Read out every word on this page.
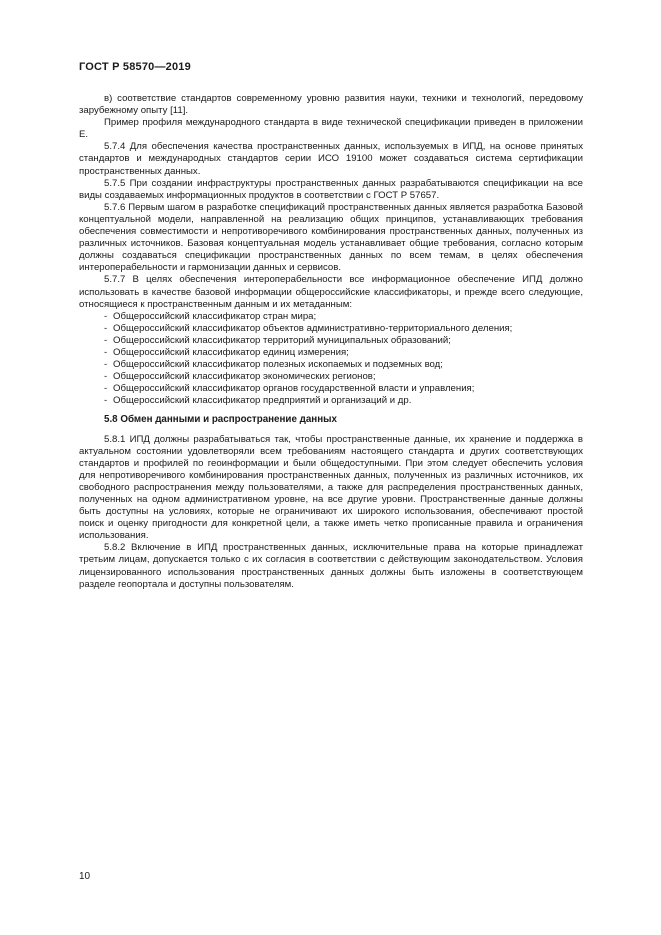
ГОСТ Р 58570—2019

в) соответствие стандартов современному уровню развития науки, техники и технологий, передовому зарубежному опыту [11].

Пример профиля международного стандарта в виде технической спецификации приведен в приложении Е.

5.7.4 Для обеспечения качества пространственных данных, используемых в ИПД, на основе принятых стандартов и международных стандартов серии ИСО 19100 может создаваться система сертификации пространственных данных.

5.7.5 При создании инфраструктуры пространственных данных разрабатываются спецификации на все виды создаваемых информационных продуктов в соответствии с ГОСТ Р 57657.

5.7.6 Первым шагом в разработке спецификаций пространственных данных является разработка Базовой концептуальной модели, направленной на реализацию общих принципов, устанавливающих требования обеспечения совместимости и непротиворечивого комбинирования пространственных данных, полученных из различных источников. Базовая концептуальная модель устанавливает общие требования, согласно которым должны создаваться спецификации пространственных данных по всем темам, в целях обеспечения интероперабельности и гармонизации данных и сервисов.

5.7.7 В целях обеспечения интероперабельности все информационное обеспечение ИПД должно использовать в качестве базовой информации общероссийские классификаторы, и прежде всего следующие, относящиеся к пространственным данным и их метаданным:

- Общероссийский классификатор стран мира;
- Общероссийский классификатор объектов административно-территориального деления;
- Общероссийский классификатор территорий муниципальных образований;
- Общероссийский классификатор единиц измерения;
- Общероссийский классификатор полезных ископаемых и подземных вод;
- Общероссийский классификатор экономических регионов;
- Общероссийский классификатор органов государственной власти и управления;
- Общероссийский классификатор предприятий и организаций и др.
5.8 Обмен данными и распространение данных

5.8.1 ИПД должны разрабатываться так, чтобы пространственные данные, их хранение и поддержка в актуальном состоянии удовлетворяли всем требованиям настоящего стандарта и других соответствующих стандартов и профилей по геоинформации и были общедоступными. При этом следует обеспечить условия для непротиворечивого комбинирования пространственных данных, полученных из различных источников, их свободного распространения между пользователями, а также для распределения пространственных данных, полученных на одном административном уровне, на все другие уровни. Пространственные данные должны быть доступны на условиях, которые не ограничивают их широкого использования, обеспечивают простой поиск и оценку пригодности для конкретной цели, а также иметь четко прописанные правила и ограничения использования.

5.8.2 Включение в ИПД пространственных данных, исключительные права на которые принадлежат третьим лицам, допускается только с их согласия в соответствии с действующим законодательством. Условия лицензированного использования пространственных данных должны быть изложены в соответствующем разделе геопортала и доступны пользователям.

10
